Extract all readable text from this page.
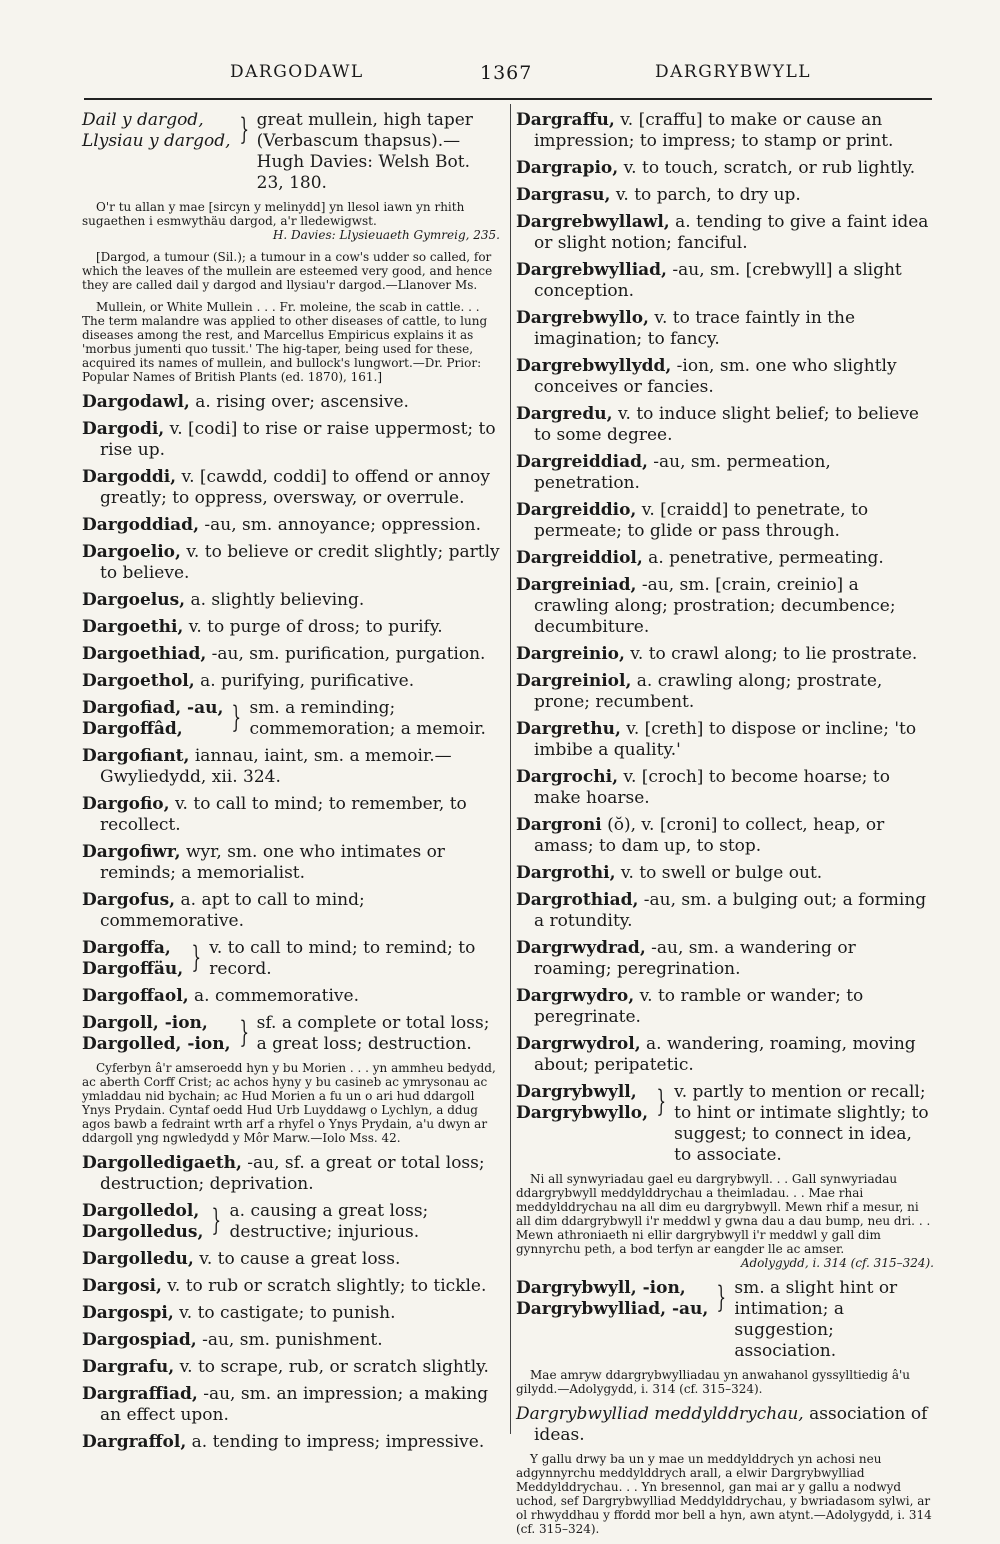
DARGODAWL	1367	DARGRYBWYLL
Dail y dargod,
Llysiau y dargod, } great mullein, high taper (Verbascum thapsus).—Hugh Davies: Welsh Bot. 23, 180.
O'r tu allan y mae [sircyn y melinydd] yn llesol iawn yn rhith sugaethen i esmwythäu dargod, a'r lledewigwst.
H. Davies: Llysieuaeth Gymreig, 235.
[Dargod, a tumour (Sil.); a tumour in a cow's udder so called, for which the leaves of the mullein are esteemed very good, and hence they are called dail y dargod and llysiau'r dargod.—Llanover Ms.
Mullein, or White Mullein . . . Fr. moleine, the scab in cattle. . . The term malandre was applied to other diseases of cattle, to lung diseases among the rest, and Marcellus Empiricus explains it as 'morbus jumenti quo tussit.' The hig-taper, being used for these, acquired its names of mullein, and bullock's lungwort.—Dr. Prior: Popular Names of British Plants (ed. 1870), 161.]

Dargodawl, a. rising over; ascensive.

Dargodi, v. [codi] to rise or raise uppermost; to rise up.

Dargoddi, v. [cawdd, coddi] to offend or annoy greatly; to oppress, oversway, or overrule.

Dargoddiad, -au, sm. annoyance; oppression.

Dargoelio, v. to believe or credit slightly; partly to believe.

Dargoelus, a. slightly believing.

Dargoethi, v. to purge of dross; to purify.

Dargoethiad, -au, sm. purification, purgation.

Dargoethol, a. purifying, purificative.

Dargofiad, -au,
Dargoffâd,	} sm. a reminding; commemoration; a memoir.

Dargofiant, iannau, iaint, sm. a memoir.—Gwyliedydd, xii. 324.

Dargofio, v. to call to mind; to remember, to recollect.

Dargofiwr, wyr, sm. one who intimates or reminds; a memorialist.

Dargofus, a. apt to call to mind; commemorative.

Dargoffa,
Dargoffäu, } v. to call to mind; to remind; to record.

Dargoffaol, a. commemorative.

Dargoll, -ion,
Dargolled, -ion, } sf. a complete or total loss; a great loss; destruction.
Cyferbyn â'r amseroedd hyn y bu Morien . . . yn ammheu bedydd, ac aberth Corff Crist; ac achos hyny y bu casineb ac ymrysonau ac ymladdau nid bychain; ac Hud Morien a fu un o ari hud ddargoll Ynys Prydain. Cyntaf oedd Hud Urb Luyddawg o Lychlyn, a ddug agos bawb a fedraint wrth arf a rhyfel o Ynys Prydain, a'u dwyn ar ddargoll yng ngwledydd y Môr Marw.—Iolo Mss. 42.

Dargolledigaeth, -au, sf. a great or total loss; destruction; deprivation.

Dargolledol,
Dargolledus, } a. causing a great loss; destructive; injurious.

Dargolledu, v. to cause a great loss.

Dargosi, v. to rub or scratch slightly; to tickle.

Dargospi, v. to castigate; to punish.

Dargospiad, -au, sm. punishment.

Dargrafu, v. to scrape, rub, or scratch slightly.

Dargraffiad, -au, sm. an impression; a making an effect upon.

Dargraffol, a. tending to impress; impressive.

Dargraffu, v. [craffu] to make or cause an impression; to impress; to stamp or print.

Dargrapio, v. to touch, scratch, or rub lightly.

Dargrasu, v. to parch, to dry up.

Dargrebwyllawl, a. tending to give a faint idea or slight notion; fanciful.

Dargrebwylliad, -au, sm. [crebwyll] a slight conception.

Dargrebwyllo, v. to trace faintly in the imagination; to fancy.

Dargrebwyllydd, -ion, sm. one who slightly conceives or fancies.

Dargredu, v. to induce slight belief; to believe to some degree.

Dargreiddiad, -au, sm. permeation, penetration.

Dargreiddio, v. [craidd] to penetrate, to permeate; to glide or pass through.

Dargreiddiol, a. penetrative, permeating.

Dargreiniad, -au, sm. [crain, creinio] a crawling along; prostration; decumbence; decumbiture.

Dargreinio, v. to crawl along; to lie prostrate.

Dargreiniol, a. crawling along; prostrate, prone; recumbent.

Dargrethu, v. [creth] to dispose or incline; 'to imbibe a quality.'

Dargrochi, v. [croch] to become hoarse; to make hoarse.

Dargroni (ŏ), v. [croni] to collect, heap, or amass; to dam up, to stop.

Dargrothi, v. to swell or bulge out.

Dargrothiad, -au, sm. a bulging out; a forming a rotundity.

Dargrwydrad, -au, sm. a wandering or roaming; peregrination.

Dargrwydro, v. to ramble or wander; to peregrinate.

Dargrwydrol, a. wandering, roaming, moving about; peripatetic.

Dargrybwyll,
Dargrybwyllo, } v. partly to mention or recall; to hint or intimate slightly; to suggest; to connect in idea, to associate.
Ni all synwyriadau gael eu dargrybwyll. . . Gall synwyriadau ddargrybwyll meddylddrychau a theimladau. . . Mae rhai meddylddrychau na all dim eu dargrybwyll. Mewn rhif a mesur, ni all dim ddargrybwyll i'r meddwl y gwna dau a dau bump, neu dri. . . Mewn athroniaeth ni ellir dargrybwyll i'r meddwl y gall dim gynnyrchu peth, a bod terfyn ar eangder lle ac amser.
Adolygydd, i. 314 (cf. 315–324).
Dargrybwyll, -ion,
Dargrybwylliad, -au, } sm. a slight hint or intimation; a suggestion; association.
Mae amryw ddargrybwylliadau yn anwahanol gyssylltiedig â'u gilydd.—Adolygydd, i. 314 (cf. 315–324).

Dargrybwylliad meddylddrychau, association of ideas.

Y gallu drwy ba un y mae un meddylddrych yn achosi neu adgynnyrchu meddylddrych arall, a elwir Dargrybwylliad Meddylddrychau. . . Yn bresennol, gan mai ar y gallu a nodwyd uchod, sef Dargrybwylliad Meddylddrychau, y bwriadasom sylwi, ar ol rhwyddhau y ffordd mor bell a hyn, awn atynt.—Adolygydd, i. 314 (cf. 315–324).
